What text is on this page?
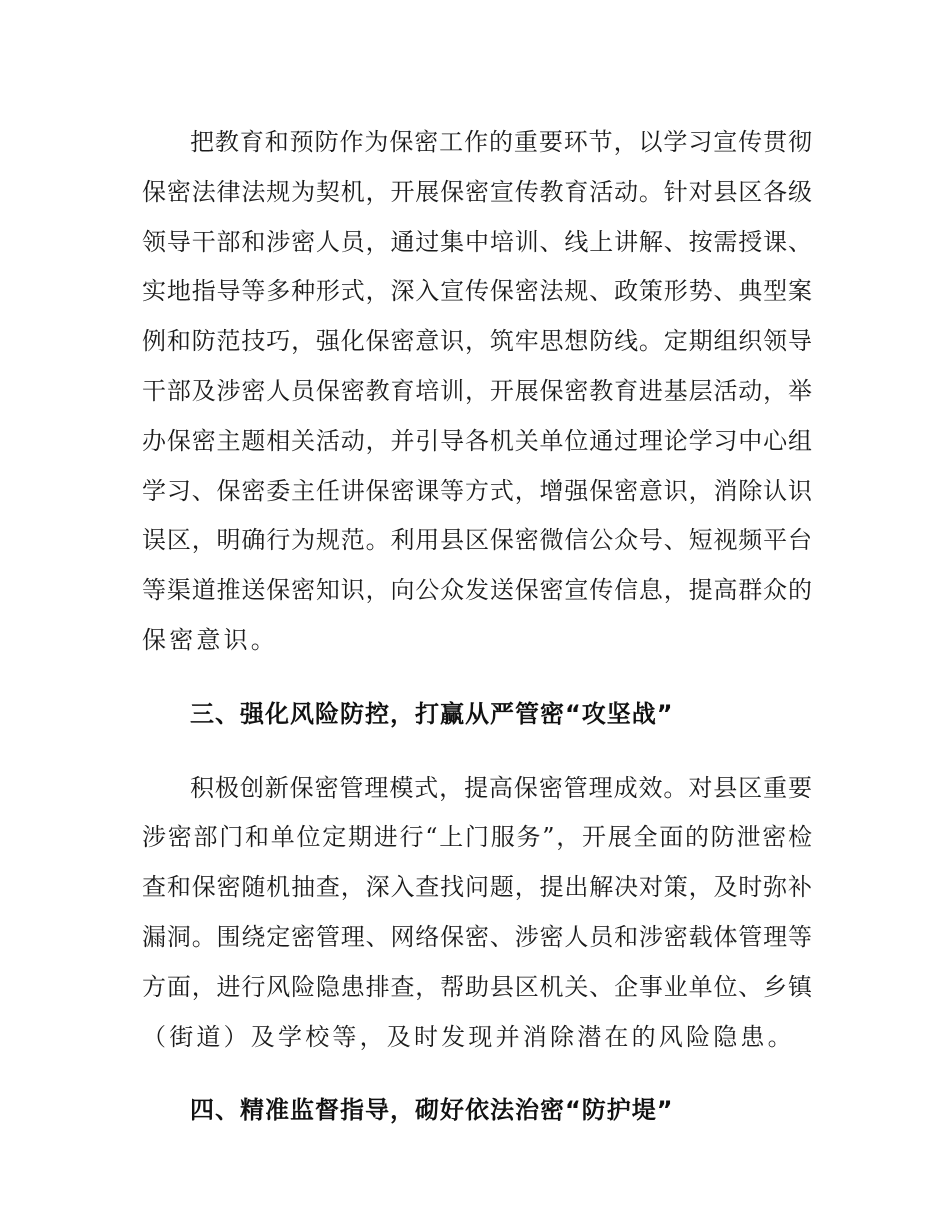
把教育和预防作为保密工作的重要环节，以学习宣传贯彻
保密法律法规为契机，开展保密宣传教育活动。针对县区各级
领导干部和涉密人员，通过集中培训、线上讲解、按需授课、
实地指导等多种形式，深入宣传保密法规、政策形势、典型案
例和防范技巧，强化保密意识，筑牢思想防线。定期组织领导
干部及涉密人员保密教育培训，开展保密教育进基层活动，举
办保密主题相关活动，并引导各机关单位通过理论学习中心组
学习、保密委主任讲保密课等方式，增强保密意识，消除认识
误区，明确行为规范。利用县区保密微信公众号、短视频平台
等渠道推送保密知识，向公众发送保密宣传信息，提高群众的
保密意识。
三、强化风险防控，打赢从严管密“攻坚战”
积极创新保密管理模式，提高保密管理成效。对县区重要
涉密部门和单位定期进行“上门服务”，开展全面的防泄密检
查和保密随机抽查，深入查找问题，提出解决对策，及时弥补
漏洞。围绕定密管理、网络保密、涉密人员和涉密载体管理等
方面，进行风险隐患排查，帮助县区机关、企事业单位、乡镇
（街道）及学校等，及时发现并消除潜在的风险隐患。
四、精准监督指导，砌好依法治密“防护堤”
